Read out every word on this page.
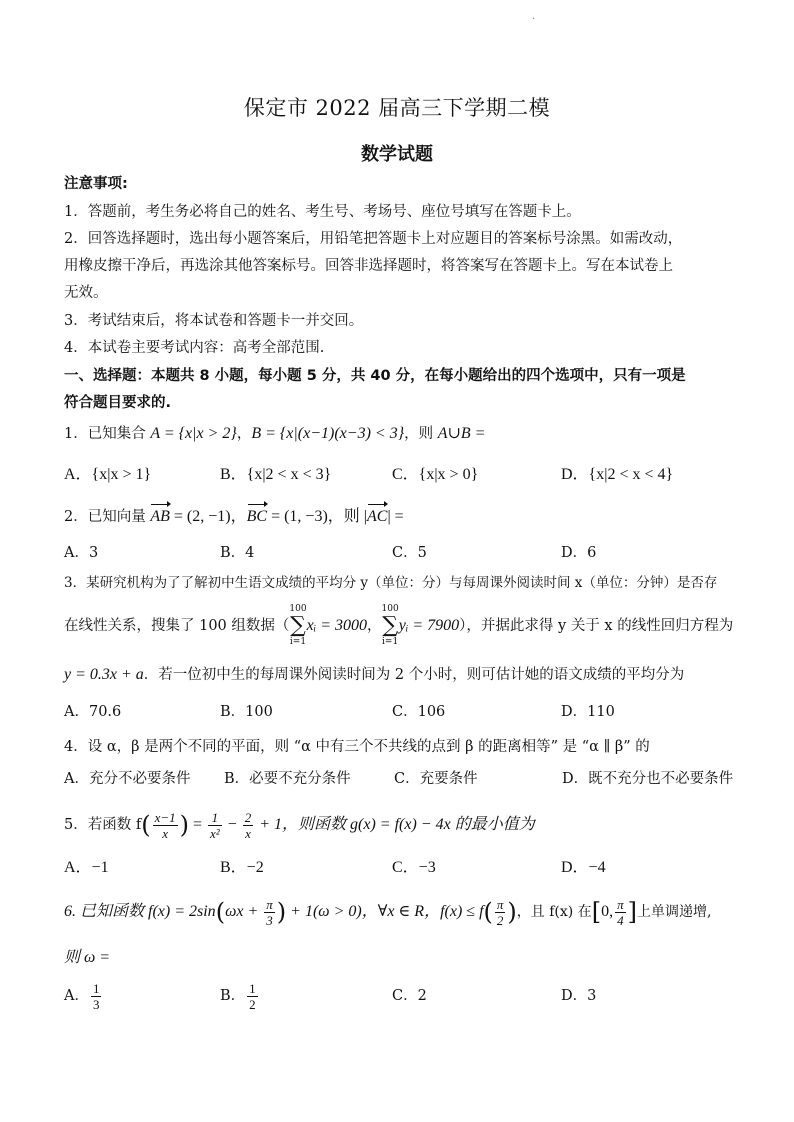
·
保定市 2022 届高三下学期二模
数学试题
注意事项:
1．答题前，考生务必将自己的姓名、考生号、考场号、座位号填写在答题卡上。
2．回答选择题时，选出每小题答案后，用铅笔把答题卡上对应题目的答案标号涂黑。如需改动，
用橡皮擦干净后，再选涂其他答案标号。回答非选择题时，将答案写在答题卡上。写在本试卷上
无效。
3．考试结束后，将本试卷和答题卡一并交回。
4．本试卷主要考试内容：高考全部范围.
一、选择题：本题共 8 小题，每小题 5 分，共 40 分，在每小题给出的四个选项中，只有一项是
符合题目要求的.
1．已知集合 A = {x|x > 2}，B = {x|(x−1)(x−3) < 3}，则 A∪B =
A．{x|x > 1}	B．{x|2 < x < 3}	C．{x|x > 0}	D．{x|2 < x < 4}
2．已知向量 AB = (2, −1)，BC = (1, −3)，则 |AC| =
A．3	B．4	C．5	D．6
3．某研究机构为了了解初中生语文成绩的平均分 y（单位：分）与每周课外阅读时间 x（单位：分钟）是否存
在线性关系，搜集了 100 组数据（100
∑
i=1xᵢ = 3000，100
∑
i=1yᵢ = 7900），并据此求得 y 关于 x 的线性回归方程为
y = 0.3x + a．若一位初中生的每周课外阅读时间为 2 个小时，则可估计她的语文成绩的平均分为
A．70.6	B．100	C．106	D．110
4．设 α，β 是两个不同的平面，则 “α 中有三个不共线的点到 β 的距离相等” 是 “α ∥ β” 的
A．充分不必要条件 B．必要不充分条件	C．充要条件	D．既不充分也不必要条件
5．若函数 $f( \frac{x-1}{x}$ ) = $\frac{1}{\text{x²}} - \frac{2}{x} + 1$，则函数 g(x) = f(x) − 4x 的最小值为
A．−1	B．−2	C．−3	D．−4
6. 已知函数 $f(x) = 2\sin(\omega x + \frac{\pi}{3}$ ) + 1(ω > 0)，∀x ∈ R，$f(x) \le f( \frac{\pi}{2}$ )，且 f(x) 在[0, $\frac{\pi}{4}$ ]上单调递增,
则 ω =
A． $\frac{1}{3}$	B． $\frac{1}{2}$	C．2	D．3
